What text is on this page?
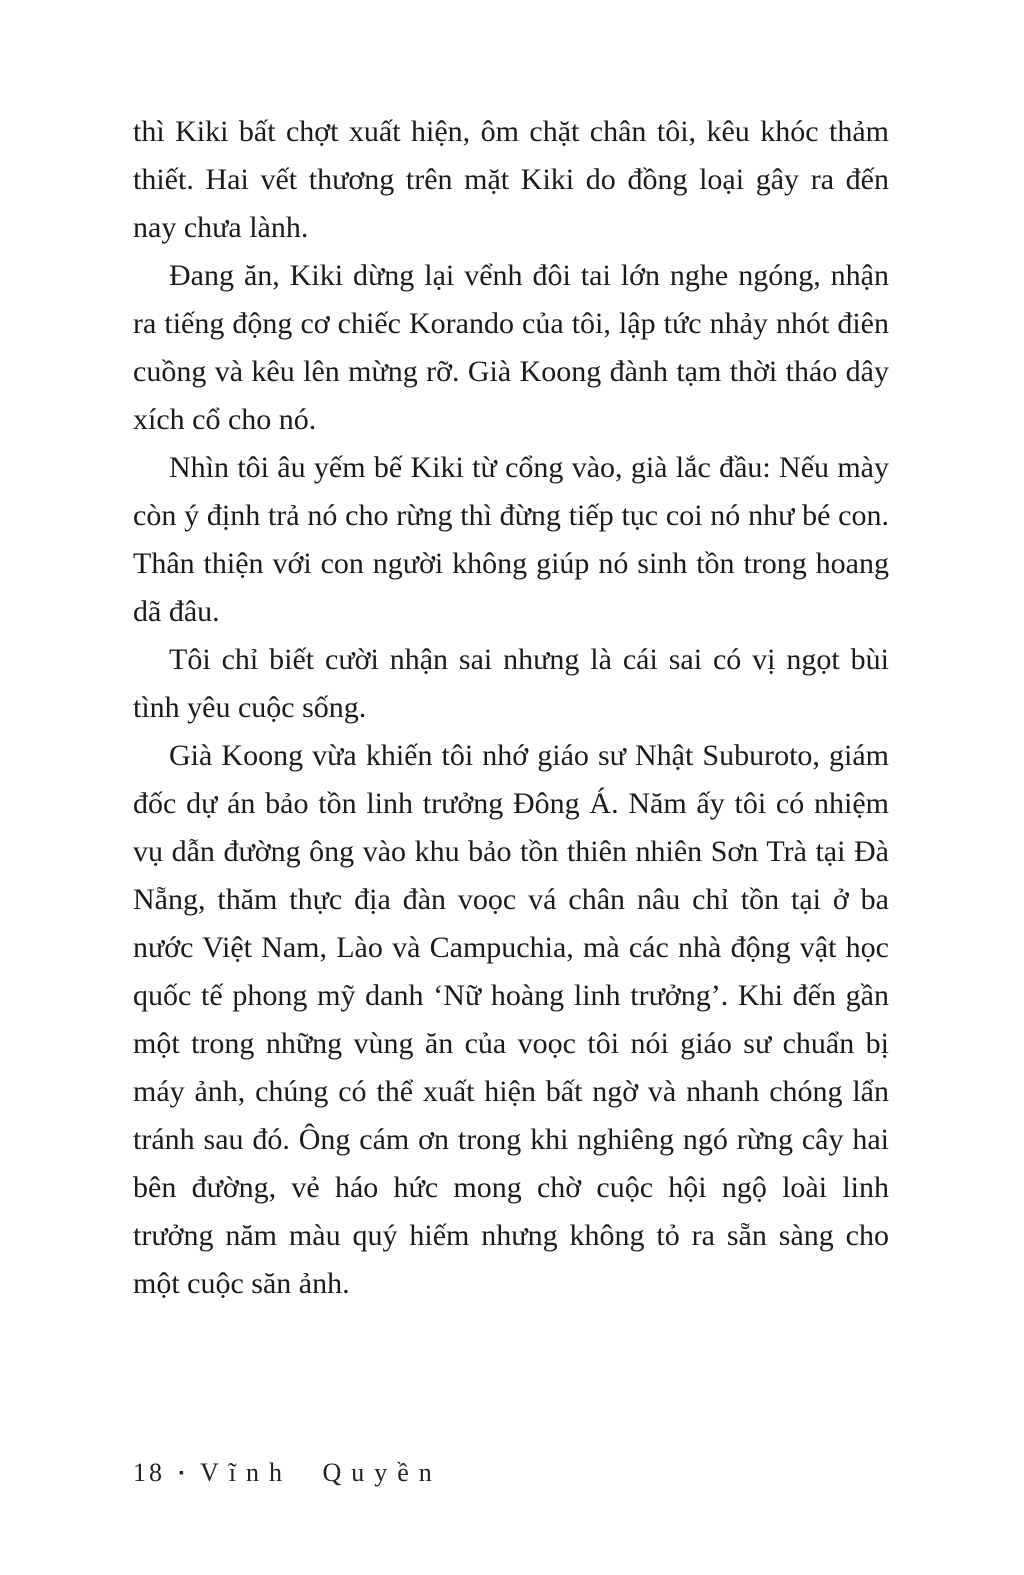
thì Kiki bất chợt xuất hiện, ôm chặt chân tôi, kêu khóc thảm thiết. Hai vết thương trên mặt Kiki do đồng loại gây ra đến nay chưa lành.

Đang ăn, Kiki dừng lại vểnh đôi tai lớn nghe ngóng, nhận ra tiếng động cơ chiếc Korando của tôi, lập tức nhảy nhót điên cuồng và kêu lên mừng rỡ. Già Koong đành tạm thời tháo dây xích cổ cho nó.

Nhìn tôi âu yếm bế Kiki từ cổng vào, già lắc đầu: Nếu mày còn ý định trả nó cho rừng thì đừng tiếp tục coi nó như bé con. Thân thiện với con người không giúp nó sinh tồn trong hoang dã đâu.

Tôi chỉ biết cười nhận sai nhưng là cái sai có vị ngọt bùi tình yêu cuộc sống.

Già Koong vừa khiến tôi nhớ giáo sư Nhật Suburoto, giám đốc dự án bảo tồn linh trưởng Đông Á. Năm ấy tôi có nhiệm vụ dẫn đường ông vào khu bảo tồn thiên nhiên Sơn Trà tại Đà Nẵng, thăm thực địa đàn voọc vá chân nâu chỉ tồn tại ở ba nước Việt Nam, Lào và Campuchia, mà các nhà động vật học quốc tế phong mỹ danh ‘Nữ hoàng linh trưởng’. Khi đến gần một trong những vùng ăn của voọc tôi nói giáo sư chuẩn bị máy ảnh, chúng có thể xuất hiện bất ngờ và nhanh chóng lẩn tránh sau đó. Ông cám ơn trong khi nghiêng ngó rừng cây hai bên đường, vẻ háo hức mong chờ cuộc hội ngộ loài linh trưởng năm màu quý hiếm nhưng không tỏ ra sẵn sàng cho một cuộc săn ảnh.

18 ▪ Vĩnh Quyền
